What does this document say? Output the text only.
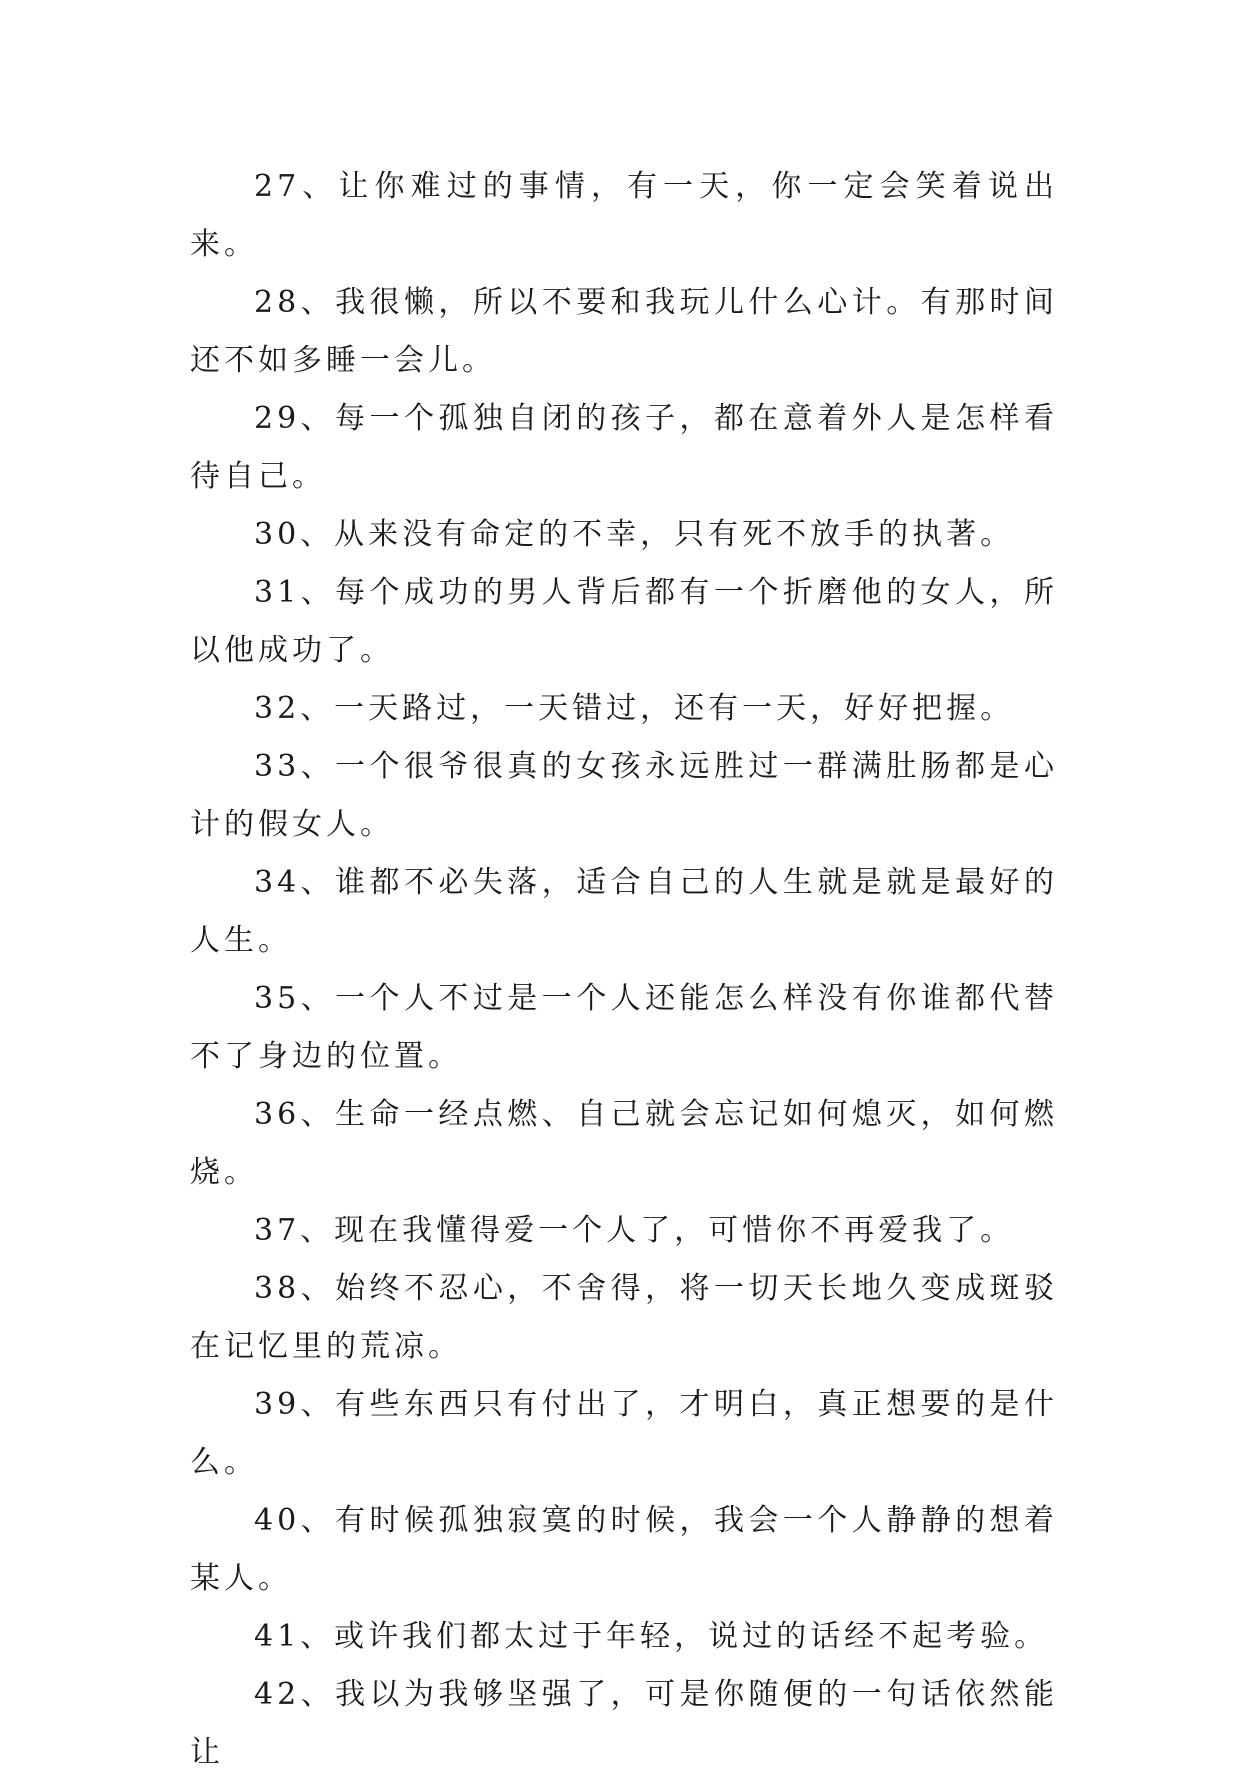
27、让你难过的事情，有一天，你一定会笑着说出来。

28、我很懒，所以不要和我玩儿什么心计。有那时间还不如多睡一会儿。

29、每一个孤独自闭的孩子，都在意着外人是怎样看待自己。

30、从来没有命定的不幸，只有死不放手的执著。

31、每个成功的男人背后都有一个折磨他的女人，所以他成功了。

32、一天路过，一天错过，还有一天，好好把握。

33、一个很爷很真的女孩永远胜过一群满肚肠都是心计的假女人。

34、谁都不必失落，适合自己的人生就是就是最好的人生。

35、一个人不过是一个人还能怎么样没有你谁都代替不了身边的位置。

36、生命一经点燃、自己就会忘记如何熄灭，如何燃烧。

37、现在我懂得爱一个人了，可惜你不再爱我了。

38、始终不忍心，不舍得，将一切天长地久变成斑驳在记忆里的荒凉。

39、有些东西只有付出了，才明白，真正想要的是什么。

40、有时候孤独寂寞的时候，我会一个人静静的想着某人。

41、或许我们都太过于年轻，说过的话经不起考验。

42、我以为我够坚强了，可是你随便的一句话依然能让
